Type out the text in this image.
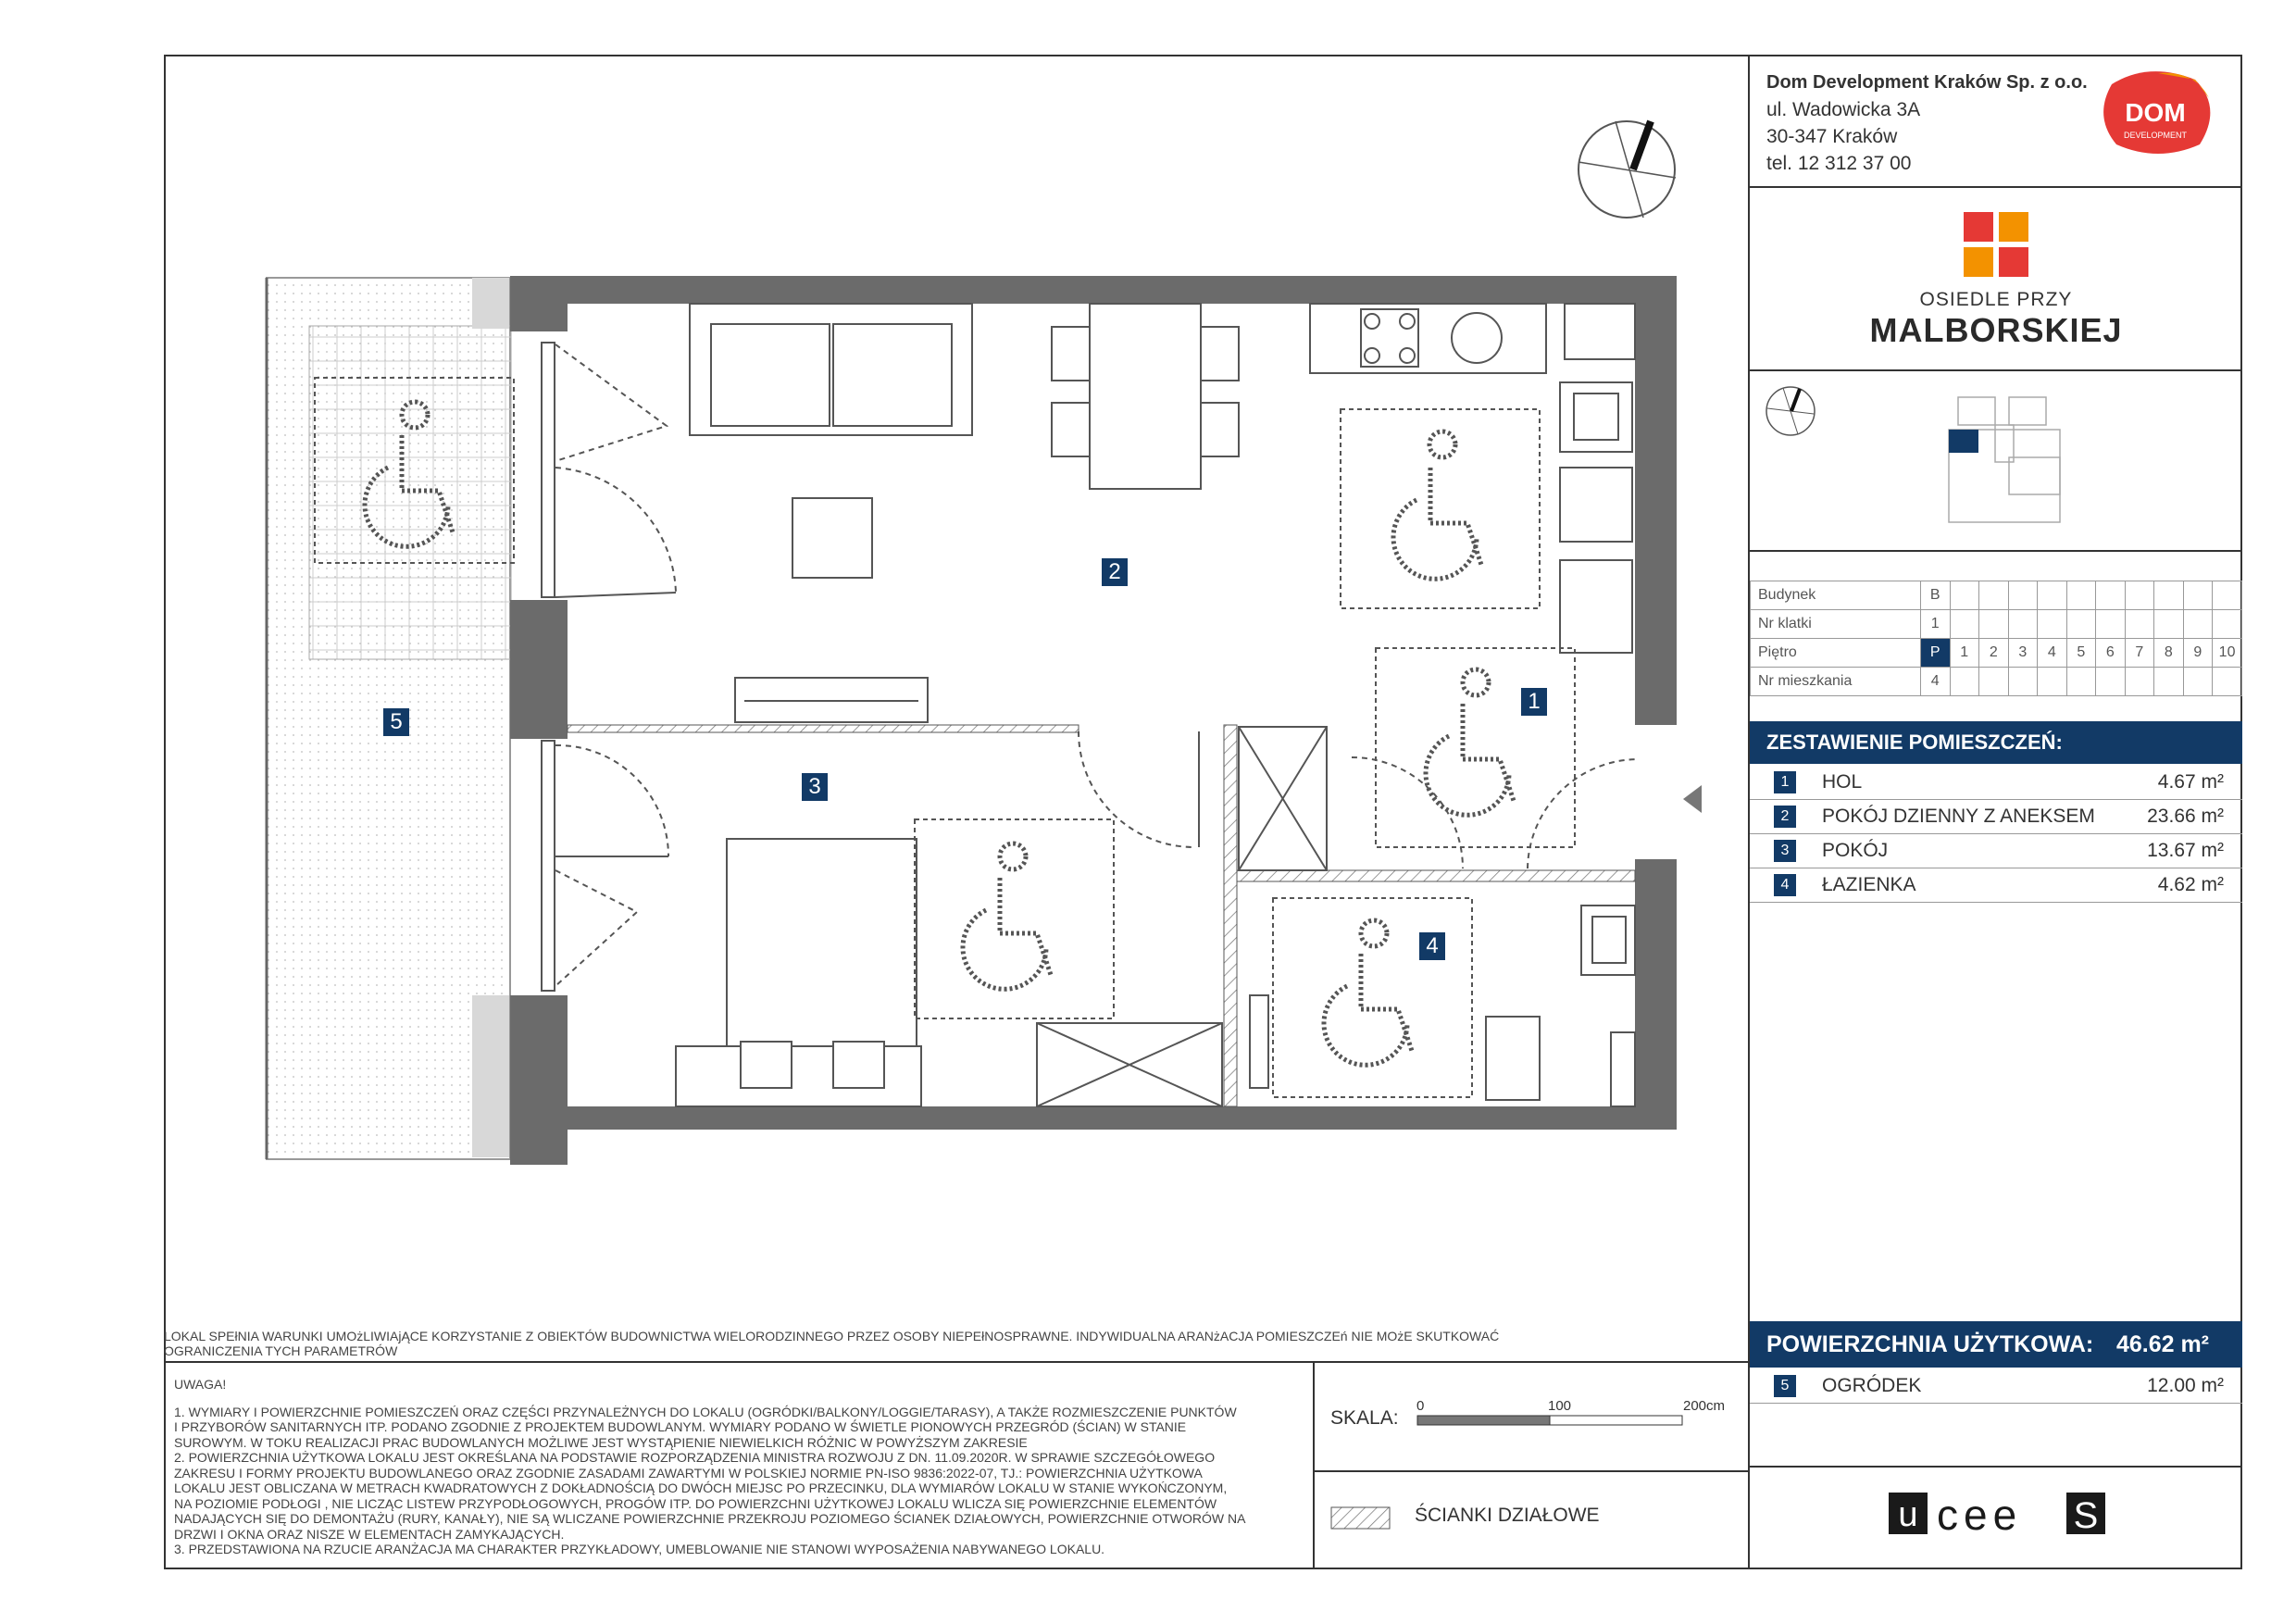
2
1
3
4
5
LOKAL SPEłNIA WARUNKI UMOżLIWIAjĄCE KORZYSTANIE Z OBIEKTÓW BUDOWNICTWA WIELORODZINNEGO PRZEZ OSOBY NIEPEłNOSPRAWNE. INDYWIDUALNA ARANżACJA POMIESZCZEń NIE MOżE SKUTKOWAĆ
OGRANICZENIA TYCH PARAMETRÓW

UWAGA!

1. WYMIARY I POWIERZCHNIE POMIESZCZEŃ ORAZ CZĘŚCI PRZYNALEŻNYCH DO LOKALU (OGRÓDKI/BALKONY/LOGGIE/TARASY), A TAKŻE ROZMIESZCZENIE PUNKTÓW

I PRZYBORÓW SANITARNYCH ITP. PODANO ZGODNIE Z PROJEKTEM BUDOWLANYM. WYMIARY PODANO W ŚWIETLE PIONOWYCH PRZEGRÓD (ŚCIAN) W STANIE

SUROWYM. W TOKU REALIZACJI PRAC BUDOWLANYCH MOŻLIWE JEST WYSTĄPIENIE NIEWIELKICH RÓŻNIC W POWYŻSZYM ZAKRESIE

2. POWIERZCHNIA UŻYTKOWA LOKALU JEST OKREŚLANA NA PODSTAWIE ROZPORZĄDZENIA MINISTRA ROZWOJU Z DN. 11.09.2020R. W SPRAWIE SZCZEGÓŁOWEGO

ZAKRESU I FORMY PROJEKTU BUDOWLANEGO ORAZ ZGODNIE ZASADAMI ZAWARTYMI W POLSKIEJ NORMIE PN-ISO 9836:2022-07, TJ.: POWIERZCHNIA UŻYTKOWA

LOKALU JEST OBLICZANA W METRACH KWADRATOWYCH Z DOKŁADNOŚCIĄ DO DWÓCH MIEJSC PO PRZECINKU, DLA WYMIARÓW LOKALU W STANIE WYKOŃCZONYM,

NA POZIOMIE PODŁOGI , NIE LICZĄC LISTEW PRZYPODŁOGOWYCH, PROGÓW ITP. DO POWIERZCHNI UŻYTKOWEJ LOKALU WLICZA SIĘ POWIERZCHNIE ELEMENTÓW

NADAJĄCYCH SIĘ DO DEMONTAŻU (RURY, KANAŁY), NIE SĄ WLICZANE POWIERZCHNIE PRZEKROJU POZIOMEGO ŚCIANEK DZIAŁOWYCH, POWIERZCHNIE OTWORÓW NA

DRZWI I OKNA ORAZ NISZE W ELEMENTACH ZAMYKAJĄCYCH.

3. PRZEDSTAWIONA NA RZUCIE ARANŻACJA MA CHARAKTER PRZYKŁADOWY, UMEBLOWANIE NIE STANOWI WYPOSAŻENIA NABYWANEGO LOKALU.

SKALA:
0	100	200cm
ŚCIANKI DZIAŁOWE
Dom Development Kraków Sp. z o.o.
ul. Wadowicka 3A
30-347 Kraków
tel. 12 312 37 00
DOM
DEVELOPMENT
OSIEDLE PRZY
MALBORSKIEJ
Budynek	B										
Nr klatki	1										
Piętro	P	1	2	3	4	5	6	7	8	9	10
Nr mieszkania	4										
ZESTAWIENIE POMIESZCZEŃ:
1	HOL	4.67 m²
2	POKÓJ DZIENNY Z ANEKSEM	23.66 m²
3	POKÓJ	13.67 m²
4	ŁAZIENKA	4.62 m²
POWIERZCHNIA UŻYTKOWA: 46.62 m²
5	OGRÓDEK	12.00 m²
u cee S
